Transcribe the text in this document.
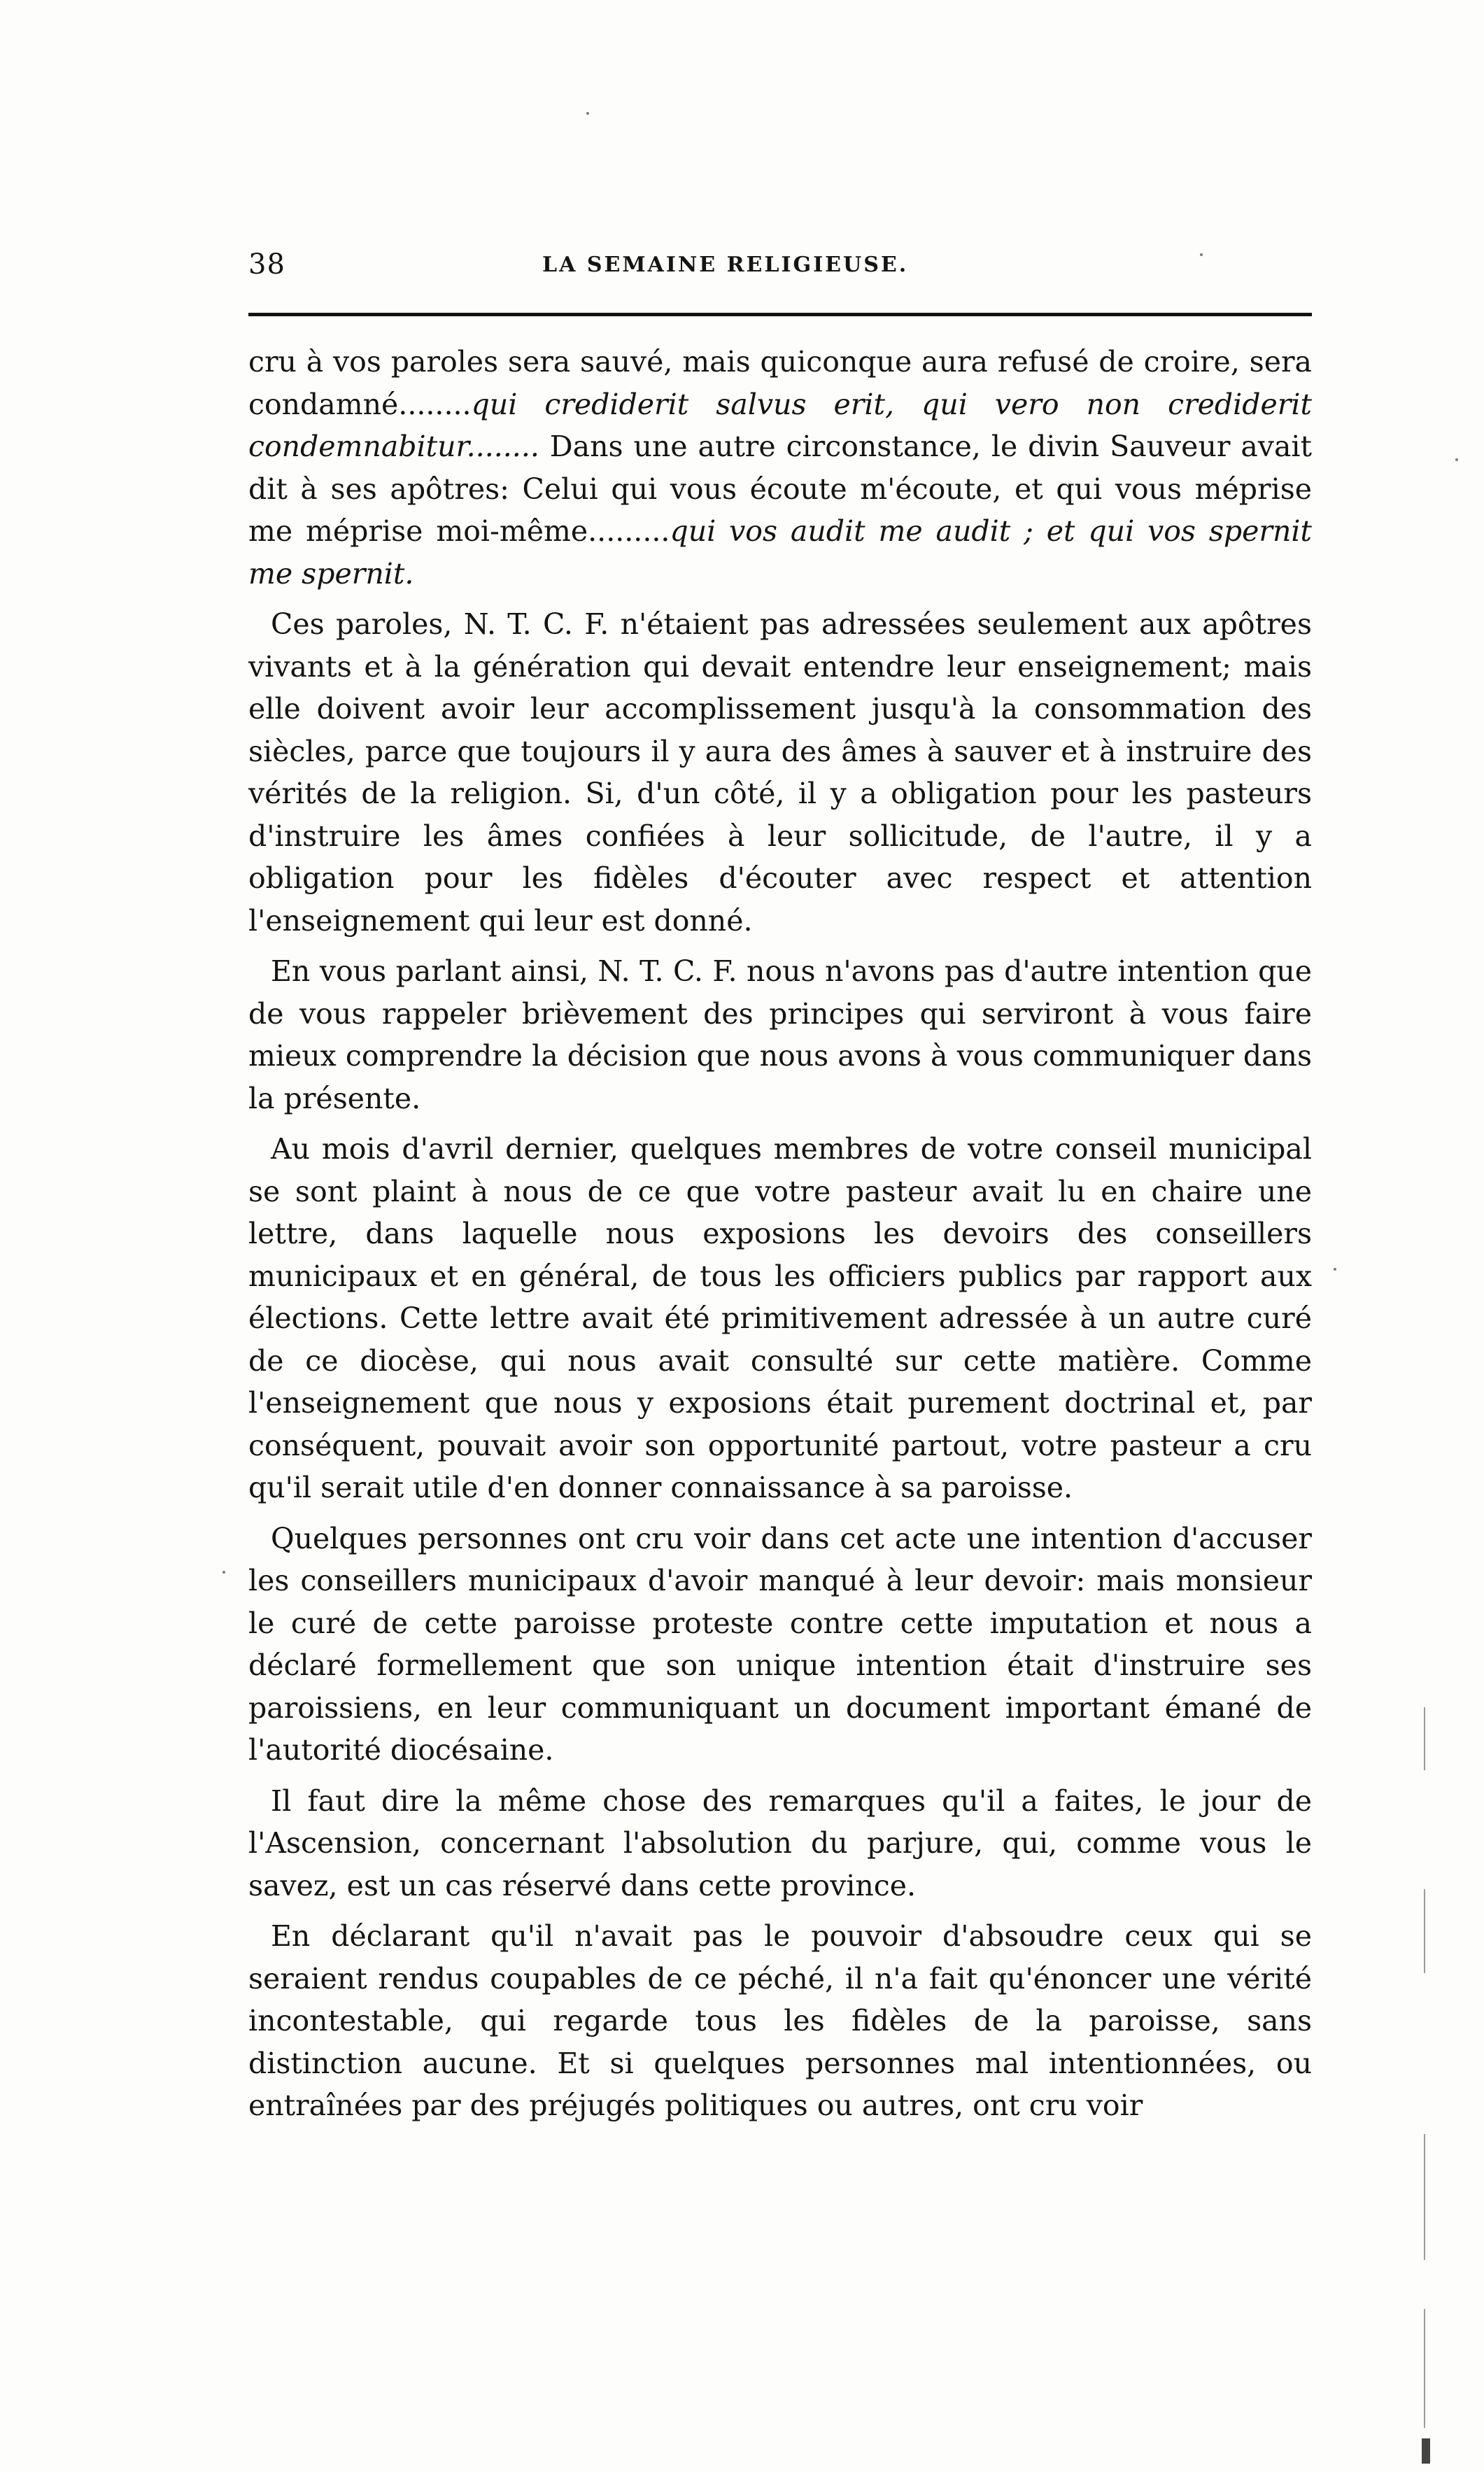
38	LA SEMAINE RELIGIEUSE.

cru à vos paroles sera sauvé, mais quiconque aura refusé de croire, sera condamné........qui crediderit salvus erit, qui vero non crediderit condemnabitur........ Dans une autre circonstance, le divin Sauveur avait dit à ses apôtres: Celui qui vous écoute m'écoute, et qui vous méprise me méprise moi-même.........qui vos audit me audit ; et qui vos spernit me spernit.

Ces paroles, N. T. C. F. n'étaient pas adressées seulement aux apôtres vivants et à la génération qui devait entendre leur enseignement; mais elle doivent avoir leur accomplissement jusqu'à la consommation des siècles, parce que toujours il y aura des âmes à sauver et à instruire des vérités de la religion. Si, d'un côté, il y a obligation pour les pasteurs d'instruire les âmes confiées à leur sollicitude, de l'autre, il y a obligation pour les fidèles d'écouter avec respect et attention l'enseignement qui leur est donné.

En vous parlant ainsi, N. T. C. F. nous n'avons pas d'autre intention que de vous rappeler brièvement des principes qui serviront à vous faire mieux comprendre la décision que nous avons à vous communiquer dans la présente.

Au mois d'avril dernier, quelques membres de votre conseil municipal se sont plaint à nous de ce que votre pasteur avait lu en chaire une lettre, dans laquelle nous exposions les devoirs des conseillers municipaux et en général, de tous les officiers publics par rapport aux élections. Cette lettre avait été primitivement adressée à un autre curé de ce diocèse, qui nous avait consulté sur cette matière. Comme l'enseignement que nous y exposions était purement doctrinal et, par conséquent, pouvait avoir son opportunité partout, votre pasteur a cru qu'il serait utile d'en donner connaissance à sa paroisse.

Quelques personnes ont cru voir dans cet acte une intention d'accuser les conseillers municipaux d'avoir manqué à leur devoir: mais monsieur le curé de cette paroisse proteste contre cette imputation et nous a déclaré formellement que son unique intention était d'instruire ses paroissiens, en leur communiquant un document important émané de l'autorité diocésaine.

Il faut dire la même chose des remarques qu'il a faites, le jour de l'Ascension, concernant l'absolution du parjure, qui, comme vous le savez, est un cas réservé dans cette province.

En déclarant qu'il n'avait pas le pouvoir d'absoudre ceux qui se seraient rendus coupables de ce péché, il n'a fait qu'énoncer une vérité incontestable, qui regarde tous les fidèles de la paroisse, sans distinction aucune. Et si quelques personnes mal intentionnées, ou entraînées par des préjugés politiques ou autres, ont cru voir
